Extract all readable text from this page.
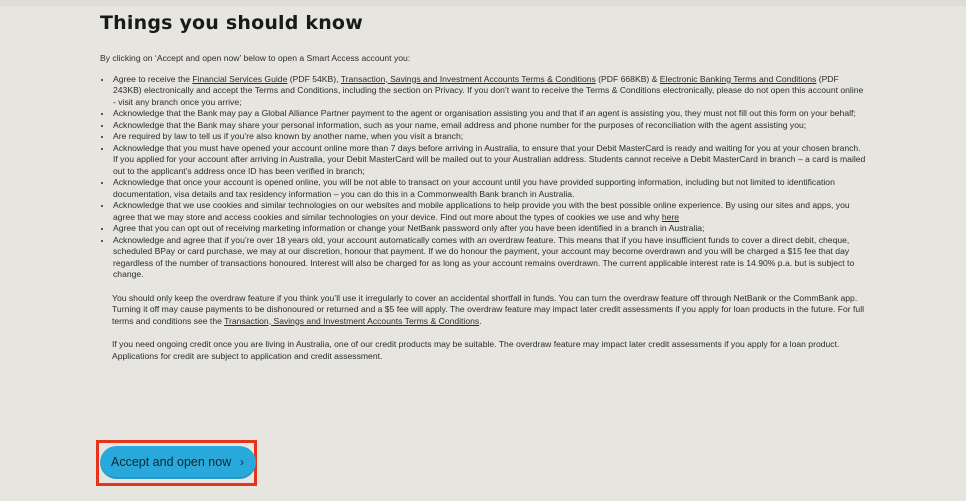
Things you should know

By clicking on ‘Accept and open now’ below to open a Smart Access account you:

• Agree to receive the Financial Services Guide (PDF 54KB), Transaction, Savings and Investment Accounts Terms & Conditions (PDF 668KB) & Electronic Banking Terms and Conditions (PDF 243KB) electronically and accept the Terms and Conditions, including the section on Privacy. If you don’t want to receive the Terms & Conditions electronically, please do not open this account online - visit any branch once you arrive;
• Acknowledge that the Bank may pay a Global Alliance Partner payment to the agent or organisation assisting you and that if an agent is assisting you, they must not fill out this form on your behalf;
• Acknowledge that the Bank may share your personal information, such as your name, email address and phone number for the purposes of reconciliation with the agent assisting you;
• Are required by law to tell us if you’re also known by another name, when you visit a branch;
• Acknowledge that you must have opened your account online more than 7 days before arriving in Australia, to ensure that your Debit MasterCard is ready and waiting for you at your chosen branch. If you applied for your account after arriving in Australia, your Debit MasterCard will be mailed out to your Australian address. Students cannot receive a Debit MasterCard in branch – a card is mailed out to the applicant’s address once ID has been verified in branch;
• Acknowledge that once your account is opened online, you will be not able to transact on your account until you have provided supporting information, including but not limited to identification documentation, visa details and tax residency information – you can do this in a Commonwealth Bank branch in Australia.
• Acknowledge that we use cookies and similar technologies on our websites and mobile applications to help provide you with the best possible online experience. By using our sites and apps, you agree that we may store and access cookies and similar technologies on your device. Find out more about the types of cookies we use and why here
• Agree that you can opt out of receiving marketing information or change your NetBank password only after you have been identified in a branch in Australia;
• Acknowledge and agree that if you’re over 18 years old, your account automatically comes with an overdraw feature. This means that if you have insufficient funds to cover a direct debit, cheque, scheduled BPay or card purchase, we may at our discretion, honour that payment. If we do honour the payment, your account may become overdrawn and you will be charged a $15 fee that day regardless of the number of transactions honoured. Interest will also be charged for as long as your account remains overdrawn. The current applicable interest rate is 14.90% p.a. but is subject to change.

You should only keep the overdraw feature if you think you’ll use it irregularly to cover an accidental shortfall in funds. You can turn the overdraw feature off through NetBank or the CommBank app. Turning it off may cause payments to be dishonoured or returned and a $5 fee will apply. The overdraw feature may impact later credit assessments if you apply for loan products in the future. For full terms and conditions see the Transaction, Savings and Investment Accounts Terms & Conditions.

If you need ongoing credit once you are living in Australia, one of our credit products may be suitable. The overdraw feature may impact later credit assessments if you apply for a loan product. Applications for credit are subject to application and credit assessment.

Accept and open now ›
